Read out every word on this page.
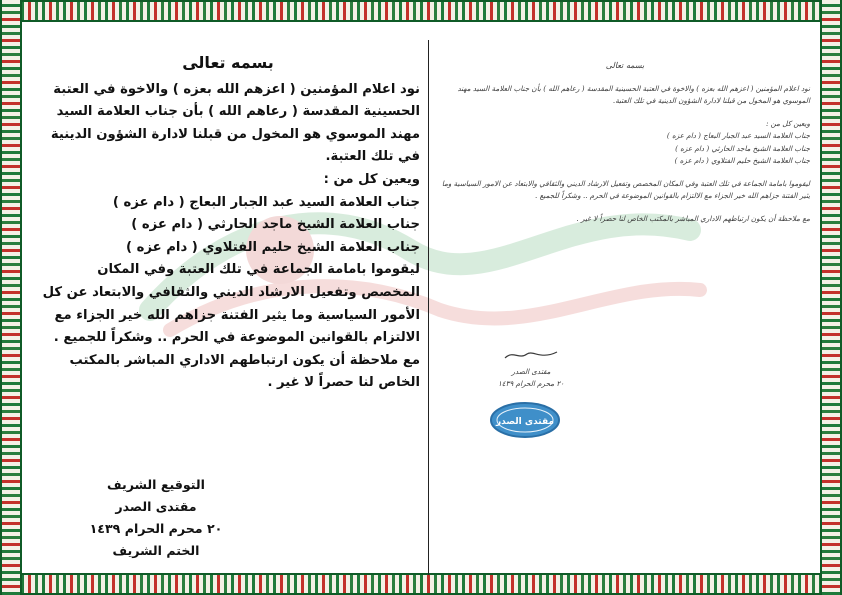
بسمه تعالى

نود اعلام المؤمنين ( اعزهم الله بعزه ) والاخوة في العتبة الحسينية المقدسة ( رعاهم الله ) بأن جناب العلامة السيد مهند الموسوي هو المخول من قبلنا لادارة الشؤون الدينية في تلك العتبة.

ويعين كل من :

جناب العلامة السيد عبد الجبار البعاج ( دام عزه )

جناب العلامة الشيخ ماجد الحارثي ( دام عزه )

جناب العلامة الشيخ حليم الفتلاوي ( دام عزه )

ليقوموا بامامة الجماعة في تلك العتبة وفي المكان المخصص وتفعيل الارشاد الديني والثقافي والابتعاد عن كل الأمور السياسية وما يثير الفتنة جزاهم الله خير الجزاء مع الالتزام بالقوانين الموضوعة في الحرم .. وشكراً للجميع .

مع ملاحظة أن يكون ارتباطهم الاداري المباشر بالمكتب الخاص لنا حصراً لا غير .

التوقيع الشريف
مقتدى الصدر
٢٠ محرم الحرام ١٤٣٩
الختم الشريف
بسمه تعالى

نود اعلام المؤمنين ( اعزهم الله بعزه ) والاخوة في العتبة الحسينية المقدسة ( رعاهم الله ) بأن جناب العلامة السيد مهند الموسوي هو المخول من قبلنا لادارة الشؤون الدينية في تلك العتبة.

ويعين كل من :

جناب العلامة السيد عبد الجبار البعاج ( دام عزه )

جناب العلامة الشيخ ماجد الحارثي ( دام عزه )

جناب العلامة الشيخ حليم الفتلاوي ( دام عزه )

ليقوموا بامامة الجماعة في تلك العتبة وفي المكان المخصص وتفعيل الارشاد الديني والثقافي والابتعاد عن الامور السياسية وما يثير الفتنة جزاهم الله خير الجزاء مع الالتزام بالقوانين الموضوعة في الحرم .. وشكراً للجميع .

مع ملاحظة أن يكون ارتباطهم الاداري المباشر بالمكتب الخاص لنا حصراً لا غير .

مقتدى الصدر
٢٠ محرم الحرام ١٤٣٩
مقتدى الصدر
